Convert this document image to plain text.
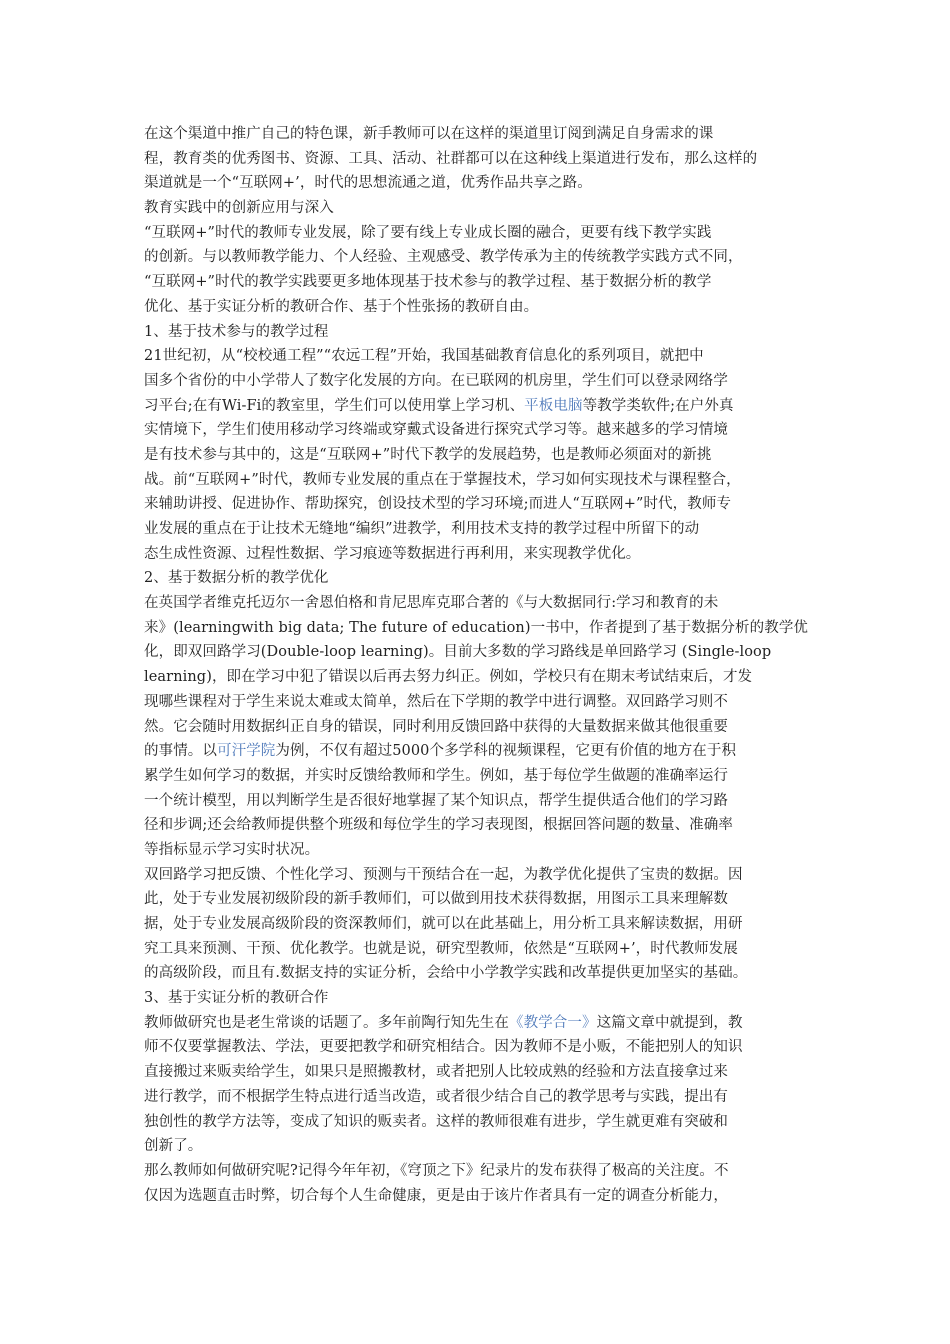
在这个渠道中推广自己的特色课，新手教师可以在这样的渠道里订阅到满足自身需求的课
程，教育类的优秀图书、资源、工具、活动、社群都可以在这种线上渠道进行发布，那么这样的
渠道就是一个“互联网+’，时代的思想流通之道，优秀作品共享之路。
教育实践中的创新应用与深入
“互联网+”时代的教师专业发展，除了要有线上专业成长圈的融合，更要有线下教学实践
的创新。与以教师教学能力、个人经验、主观感受、教学传承为主的传统教学实践方式不同，
“互联网+”时代的教学实践要更多地体现基于技术参与的教学过程、基于数据分析的教学
优化、基于实证分析的教研合作、基于个性张扬的教研自由。
1、基于技术参与的教学过程
21世纪初，从“校校通工程”“农远工程”开始，我国基础教育信息化的系列项目，就把中
国多个省份的中小学带人了数字化发展的方向。在已联网的机房里，学生们可以登录网络学
习平台;在有Wi-Fi的教室里，学生们可以使用掌上学习机、平板电脑等教学类软件;在户外真
实情境下，学生们使用移动学习终端或穿戴式设备进行探究式学习等。越来越多的学习情境
是有技术参与其中的，这是“互联网+”时代下教学的发展趋势，也是教师必须面对的新挑
战。前“互联网+”时代，教师专业发展的重点在于掌握技术，学习如何实现技术与课程整合，
来辅助讲授、促进协作、帮助探究，创设技术型的学习环境;而进人“互联网+”时代，教师专
业发展的重点在于让技术无缝地“编织”进教学，利用技术支持的教学过程中所留下的动
态生成性资源、过程性数据、学习痕迹等数据进行再利用，来实现教学优化。
2、基于数据分析的教学优化
在英国学者维克托迈尔一舍恩伯格和肯尼思库克耶合著的《与大数据同行:学习和教育的未
来》(learningwith big data; The future of education)一书中，作者提到了基于数据分析的教学优
化，即双回路学习(Double-loop learning)。目前大多数的学习路线是单回路学习 (Single-loop
learning)，即在学习中犯了错误以后再去努力纠正。例如，学校只有在期末考试结束后，才发
现哪些课程对于学生来说太难或太简单，然后在下学期的教学中进行调整。双回路学习则不
然。它会随时用数据纠正自身的错误，同时利用反馈回路中获得的大量数据来做其他很重要
的事情。以可汗学院为例，不仅有超过5000个多学科的视频课程，它更有价值的地方在于积
累学生如何学习的数据，并实时反馈给教师和学生。例如，基于每位学生做题的准确率运行
一个统计模型，用以判断学生是否很好地掌握了某个知识点，帮学生提供适合他们的学习路
径和步调;还会给教师提供整个班级和每位学生的学习表现图，根据回答问题的数量、准确率
等指标显示学习实时状况。
双回路学习把反馈、个性化学习、预测与干预结合在一起，为教学优化提供了宝贵的数据。因
此，处于专业发展初级阶段的新手教师们，可以做到用技术获得数据，用图示工具来理解数
据，处于专业发展高级阶段的资深教师们，就可以在此基础上，用分析工具来解读数据，用研
究工具来预测、干预、优化教学。也就是说，研究型教师，依然是“互联网+’，时代教师发展
的高级阶段，而且有.数据支持的实证分析，会给中小学教学实践和改革提供更加坚实的基础。
3、基于实证分析的教研合作
教师做研究也是老生常谈的话题了。多年前陶行知先生在《教学合一》这篇文章中就提到，教
师不仅要掌握教法、学法，更要把教学和研究相结合。因为教师不是小贩，不能把别人的知识
直接搬过来贩卖给学生，如果只是照搬教材，或者把别人比较成熟的经验和方法直接拿过来
进行教学，而不根据学生特点进行适当改造，或者很少结合自己的教学思考与实践，提出有
独创性的教学方法等，变成了知识的贩卖者。这样的教师很难有进步，学生就更难有突破和
创新了。
那么教师如何做研究呢?记得今年年初，《穹顶之下》纪录片的发布获得了极高的关注度。不
仅因为选题直击时弊，切合每个人生命健康，更是由于该片作者具有一定的调查分析能力，
